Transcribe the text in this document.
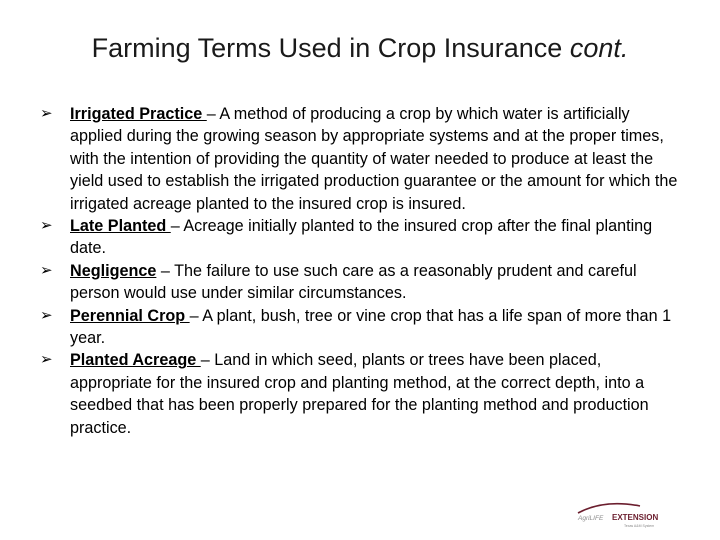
Farming Terms Used in Crop Insurance cont.
➢	Irrigated Practice – A method of producing a crop by which water is artificially applied during the growing season by appropriate systems and at the proper times, with the intention of providing the quantity of water needed to produce at least the yield used to establish the irrigated production guarantee or the amount for which the irrigated acreage planted to the insured crop is insured.
➢	Late Planted – Acreage initially planted to the insured crop after the final planting date.
➢	Negligence – The failure to use such care as a reasonably prudent and careful person would use under similar circumstances.
➢	Perennial Crop – A plant, bush, tree or vine crop that has a life span of more than 1 year.
➢	Planted Acreage – Land in which seed, plants or trees have been placed, appropriate for the insured crop and planting method, at the correct depth, into a seedbed that has been properly prepared for the planting method and production practice.
AgriLIFE EXTENSION
Texas A&M System
